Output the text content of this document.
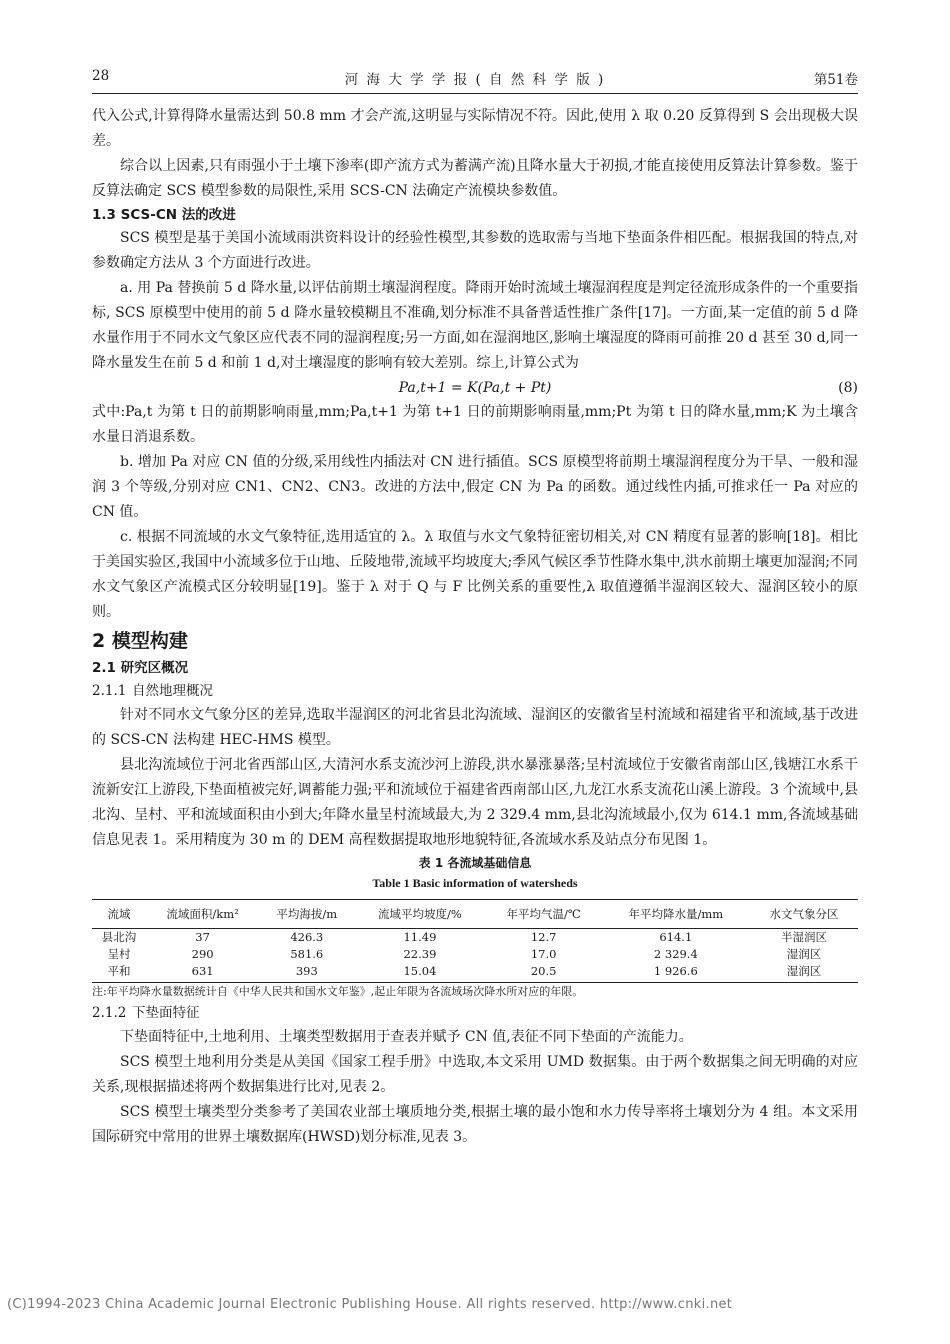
28	河 海 大 学 学 报 ( 自 然 科 学 版 )	第51卷

代入公式,计算得降水量需达到 50.8 mm 才会产流,这明显与实际情况不符。因此,使用 λ 取 0.20 反算得到 S 会出现极大误差。

综合以上因素,只有雨强小于土壤下渗率(即产流方式为蓄满产流)且降水量大于初损,才能直接使用反算法计算参数。鉴于反算法确定 SCS 模型参数的局限性,采用 SCS-CN 法确定产流模块参数值。

1.3 SCS-CN 法的改进

SCS 模型是基于美国小流域雨洪资料设计的经验性模型,其参数的选取需与当地下垫面条件相匹配。根据我国的特点,对参数确定方法从 3 个方面进行改进。

a. 用 Pa 替换前 5 d 降水量,以评估前期土壤湿润程度。降雨开始时流域土壤湿润程度是判定径流形成条件的一个重要指标, SCS 原模型中使用的前 5 d 降水量较模糊且不准确,划分标准不具备普适性推广条件[17]。一方面,某一定值的前 5 d 降水量作用于不同水文气象区应代表不同的湿润程度;另一方面,如在湿润地区,影响土壤湿度的降雨可前推 20 d 甚至 30 d,同一降水量发生在前 5 d 和前 1 d,对土壤湿度的影响有较大差别。综上,计算公式为

Pa,t+1 = K(Pa,t + Pt)	(8)

式中:Pa,t 为第 t 日的前期影响雨量,mm;Pa,t+1 为第 t+1 日的前期影响雨量,mm;Pt 为第 t 日的降水量,mm;K 为土壤含水量日消退系数。

b. 增加 Pa 对应 CN 值的分级,采用线性内插法对 CN 进行插值。SCS 原模型将前期土壤湿润程度分为干旱、一般和湿润 3 个等级,分别对应 CN1、CN2、CN3。改进的方法中,假定 CN 为 Pa 的函数。通过线性内插,可推求任一 Pa 对应的 CN 值。

c. 根据不同流域的水文气象特征,选用适宜的 λ。λ 取值与水文气象特征密切相关,对 CN 精度有显著的影响[18]。相比于美国实验区,我国中小流域多位于山地、丘陵地带,流域平均坡度大;季风气候区季节性降水集中,洪水前期土壤更加湿润;不同水文气象区产流模式区分较明显[19]。鉴于 λ 对于 Q 与 F 比例关系的重要性,λ 取值遵循半湿润区较大、湿润区较小的原则。

2 模型构建

2.1 研究区概况

2.1.1 自然地理概况

针对不同水文气象分区的差异,选取半湿润区的河北省县北沟流域、湿润区的安徽省呈村流域和福建省平和流域,基于改进的 SCS-CN 法构建 HEC-HMS 模型。

县北沟流域位于河北省西部山区,大清河水系支流沙河上游段,洪水暴涨暴落;呈村流域位于安徽省南部山区,钱塘江水系干流新安江上游段,下垫面植被完好,调蓄能力强;平和流域位于福建省西南部山区,九龙江水系支流花山溪上游段。3 个流域中,县北沟、呈村、平和流域面积由小到大;年降水量呈村流域最大,为 2 329.4 mm,县北沟流域最小,仅为 614.1 mm,各流域基础信息见表 1。采用精度为 30 m 的 DEM 高程数据提取地形地貌特征,各流域水系及站点分布见图 1。

表 1 各流域基础信息
Table 1 Basic information of watersheds
流域	流域面积/km²	平均海拔/m	流域平均坡度/%	年平均气温/℃	年平均降水量/mm	水文气象分区
县北沟	37	426.3	11.49	12.7	614.1	半湿润区
呈村	290	581.6	22.39	17.0	2 329.4	湿润区
平和	631	393	15.04	20.5	1 926.6	湿润区

注:年平均降水量数据统计自《中华人民共和国水文年鉴》,起止年限为各流域场次降水所对应的年限。

2.1.2 下垫面特征

下垫面特征中,土地利用、土壤类型数据用于查表并赋予 CN 值,表征不同下垫面的产流能力。

SCS 模型土地利用分类是从美国《国家工程手册》中选取,本文采用 UMD 数据集。由于两个数据集之间无明确的对应关系,现根据描述将两个数据集进行比对,见表 2。

SCS 模型土壤类型分类参考了美国农业部土壤质地分类,根据土壤的最小饱和水力传导率将土壤划分为 4 组。本文采用国际研究中常用的世界土壤数据库(HWSD)划分标准,见表 3。

(C)1994-2023 China Academic Journal Electronic Publishing House. All rights reserved. http://www.cnki.net
